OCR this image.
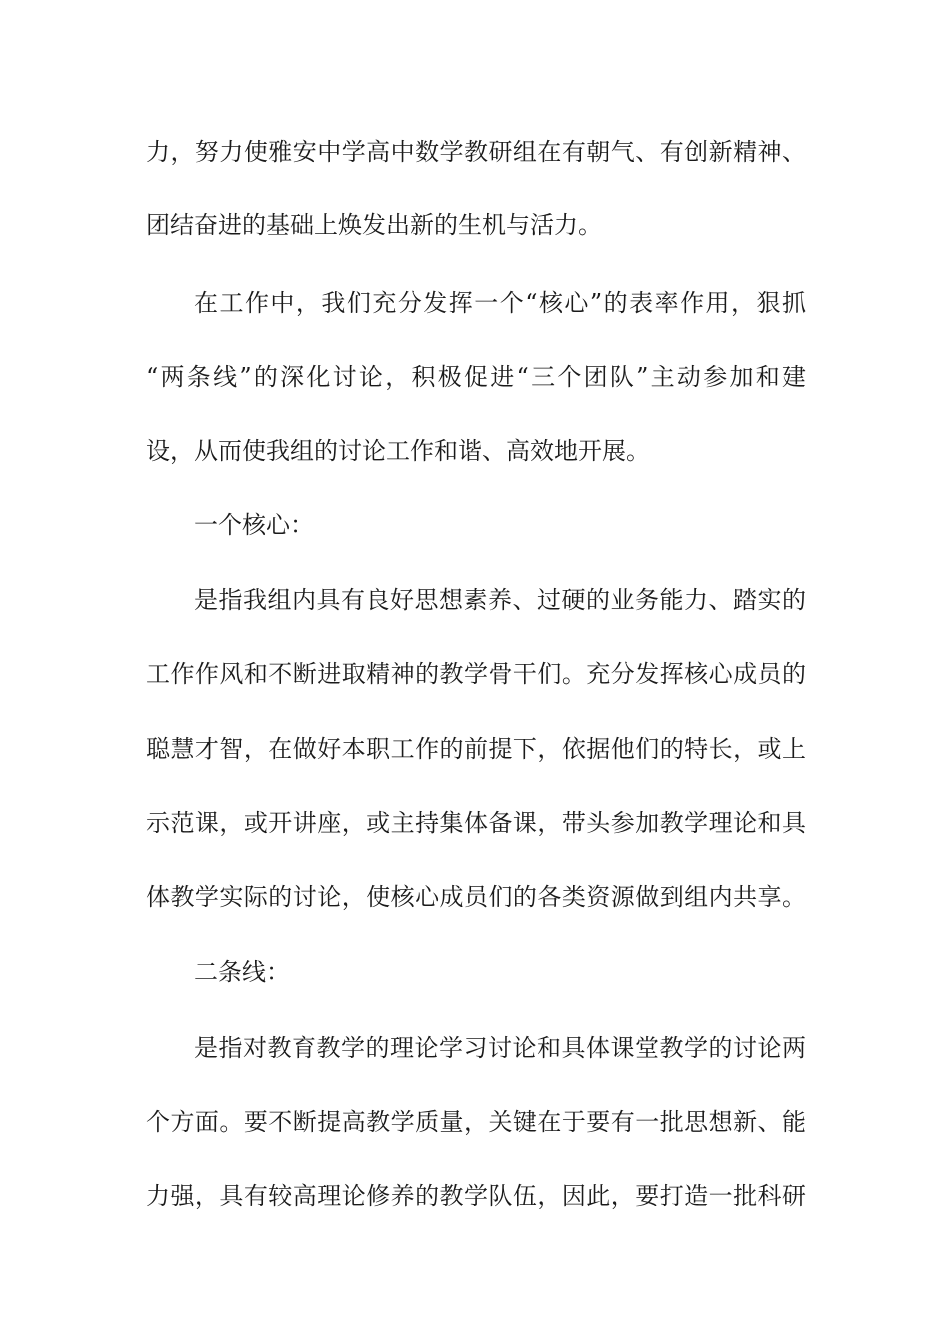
力，努力使雅安中学高中数学教研组在有朝气、有创新精神、
团结奋进的基础上焕发出新的生机与活力。
在工作中，我们充分发挥一个“核心”的表率作用，狠抓
“两条线”的深化讨论，积极促进“三个团队”主动参加和建
设，从而使我组的讨论工作和谐、高效地开展。
一个核心：
是指我组内具有良好思想素养、过硬的业务能力、踏实的
工作作风和不断进取精神的教学骨干们。充分发挥核心成员的
聪慧才智，在做好本职工作的前提下，依据他们的特长，或上
示范课，或开讲座，或主持集体备课，带头参加教学理论和具
体教学实际的讨论，使核心成员们的各类资源做到组内共享。
二条线：
是指对教育教学的理论学习讨论和具体课堂教学的讨论两
个方面。要不断提高教学质量，关键在于要有一批思想新、能
力强，具有较高理论修养的教学队伍，因此，要打造一批科研
